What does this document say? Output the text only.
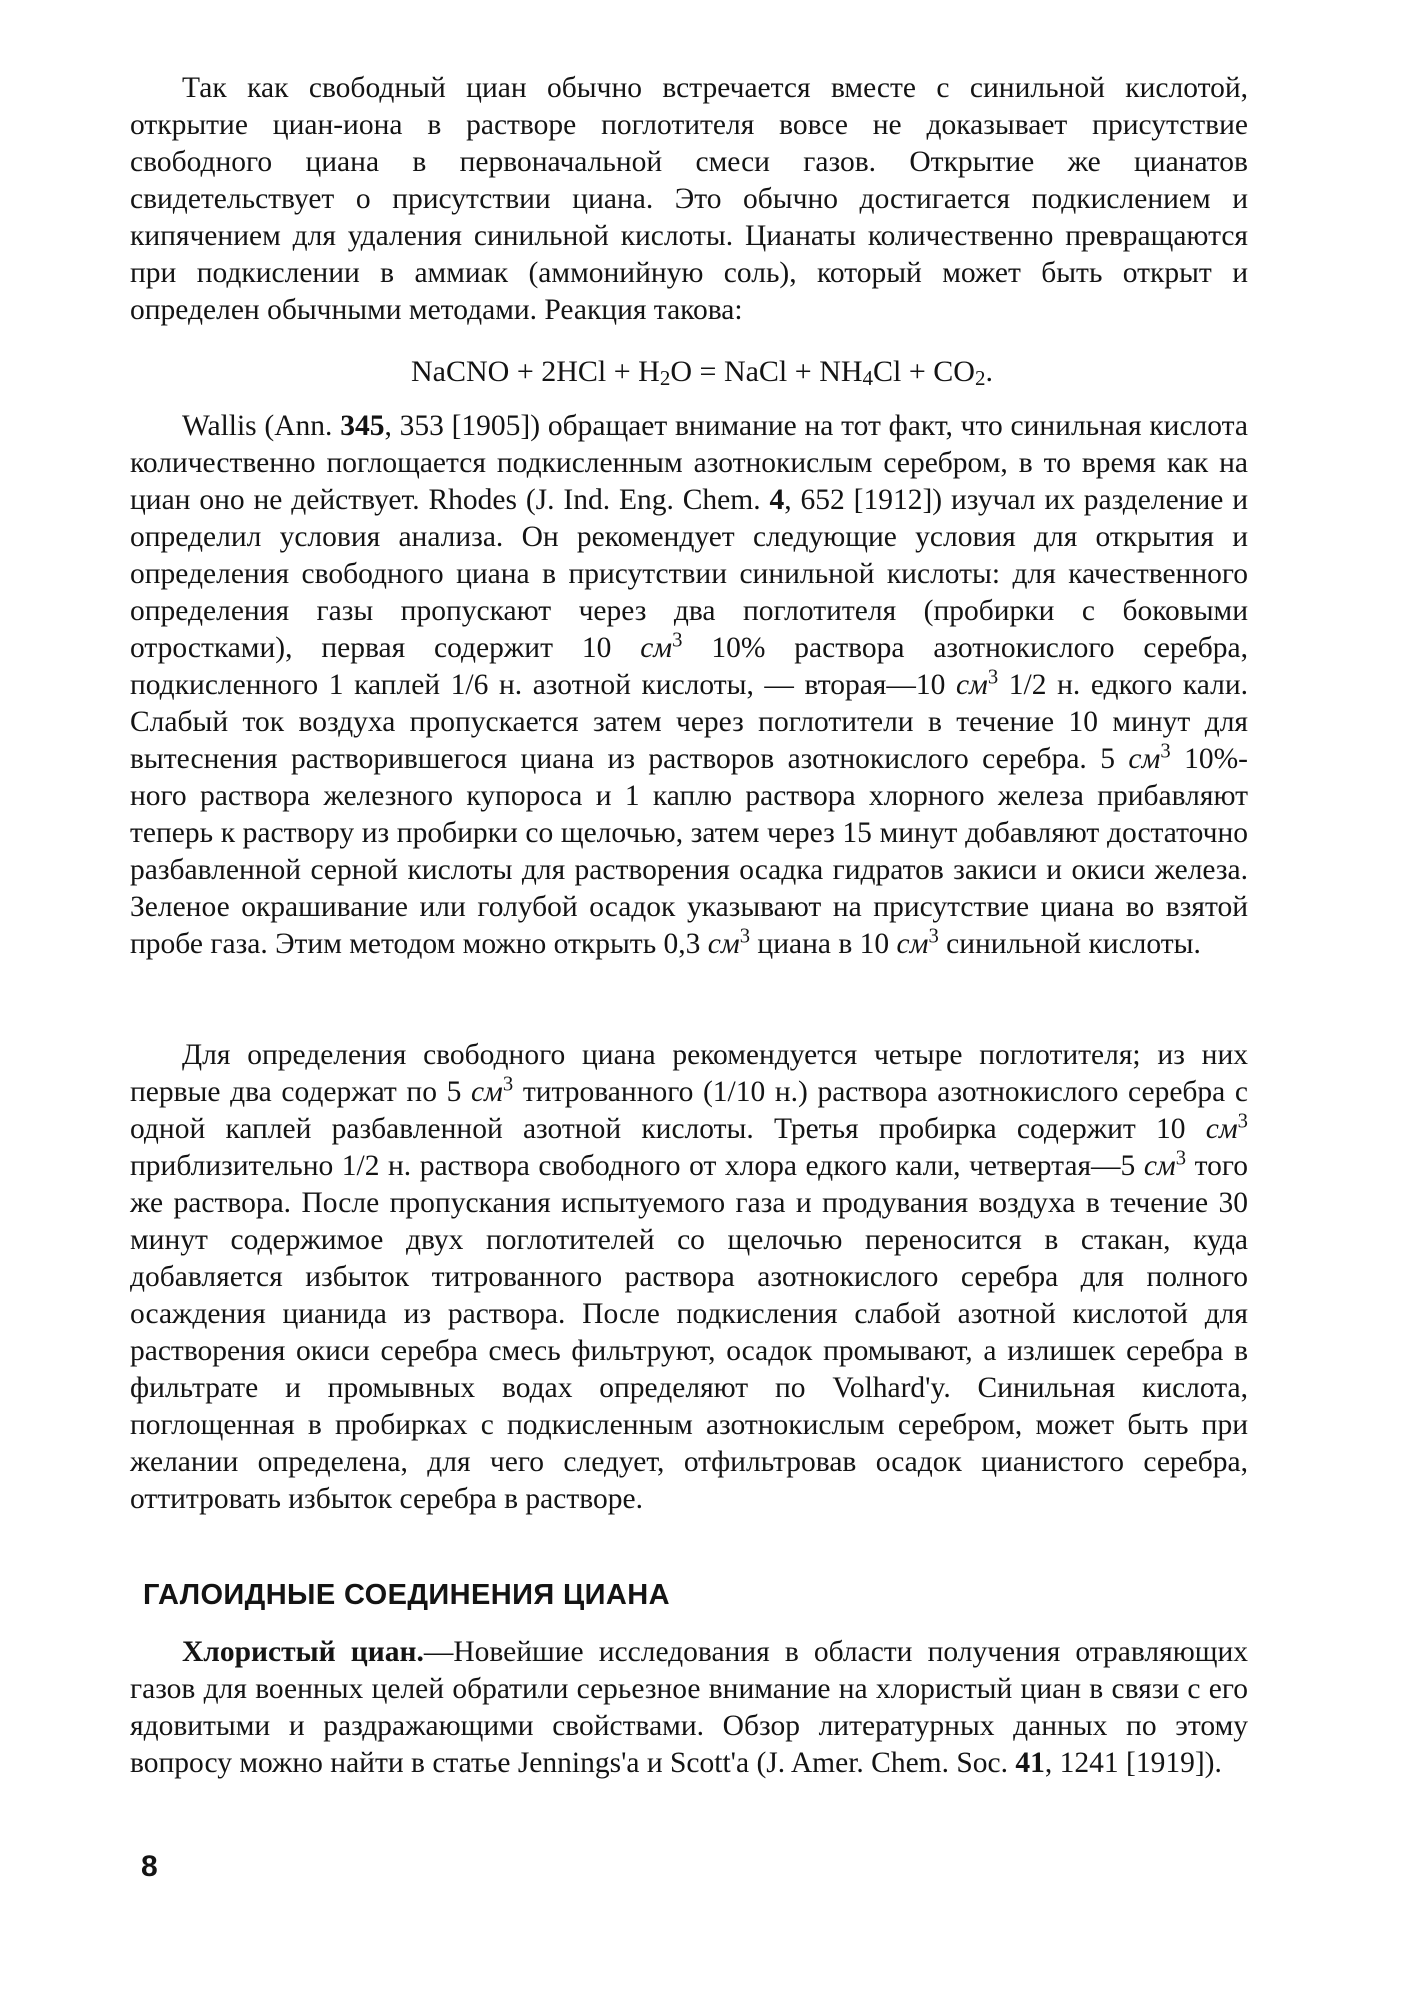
Так как свободный циан обычно встречается вместе с синильной кислотой, открытие циан-иона в растворе поглотителя вовсе не доказывает присутствие свободного циана в первоначальной смеси газов. Открытие же цианатов свидетельствует о присутствии циана. Это обычно достигается подкислением и кипячением для удаления синильной кислоты. Цианаты количественно превращаются при подкислении в аммиак (аммонийную соль), который может быть открыт и определен обычными методами. Реакция такова:

NaCNO + $2HCl + H_2O$ = NaCl + $NH_4Cl + CO_2$.

Wallis (Ann. 345, 353 [1905]) обращает внимание на тот факт, что синильная кислота количественно поглощается подкисленным азотнокислым серебром, в то время как на циан оно не действует. Rhodes (J. Ind. Eng. Chem. 4, 652 [1912]) изучал их разделение и определил условия анализа. Он рекомендует следующие условия для открытия и определения свободного циана в присутствии синильной кислоты: для качественного определения газы пропускают через два поглотителя (пробирки с боковыми отростками), первая содержит 10 $см^3$ 10% раствора азотнокислого серебра, подкисленного 1 каплей 1/6 н. азотной кислоты, — вторая—10 $см^3$ 1/2 н. едкого кали. Слабый ток воздуха пропускается затем через поглотители в течение 10 минут для вытеснения растворившегося циана из растворов азотнокислого серебра. 5 $см^3$ 10%-ного раствора железного купороса и 1 каплю раствора хлорного железа прибавляют теперь к раствору из пробирки со щелочью, затем через 15 минут добавляют достаточно разбавленной серной кислоты для растворения осадка гидратов закиси и окиси железа. Зеленое окрашивание или голубой осадок указывают на присутствие циана во взятой пробе газа. Этим методом можно открыть 0,3 $см^3$ циана в 10 $см^3$ синильной кислоты.

Для определения свободного циана рекомендуется четыре поглотителя; из них первые два содержат по 5 $см^3$ титрованного (1/10 н.) раствора азотнокислого серебра с одной каплей разбавленной азотной кислоты. Третья пробирка содержит 10 $см^3$ приблизительно 1/2 н. раствора свободного от хлора едкого кали, четвертая—5 $см^3$ того же раствора. После пропускания испытуемого газа и продувания воздуха в течение 30 минут содержимое двух поглотителей со щелочью переносится в стакан, куда добавляется избыток титрованного раствора азотнокислого серебра для полного осаждения цианида из раствора. После подкисления слабой азотной кислотой для растворения окиси серебра смесь фильтруют, осадок промывают, а излишек серебра в фильтрате и промывных водах определяют по Volhard'y. Синильная кислота, поглощенная в пробирках с подкисленным азотнокислым серебром, может быть при желании определена, для чего следует, отфильтровав осадок цианистого серебра, оттитровать избыток серебра в растворе.

ГАЛОИДНЫЕ СОЕДИНЕНИЯ ЦИАНА

Хлористый циан.—Новейшие исследования в области получения отравляющих газов для военных целей обратили серьезное внимание на хлористый циан в связи с его ядовитыми и раздражающими свойствами. Обзор литературных данных по этому вопросу можно найти в статье Jennings'a и Scott'a (J. Amer. Chem. Soc. 41, 1241 [1919]).

8
